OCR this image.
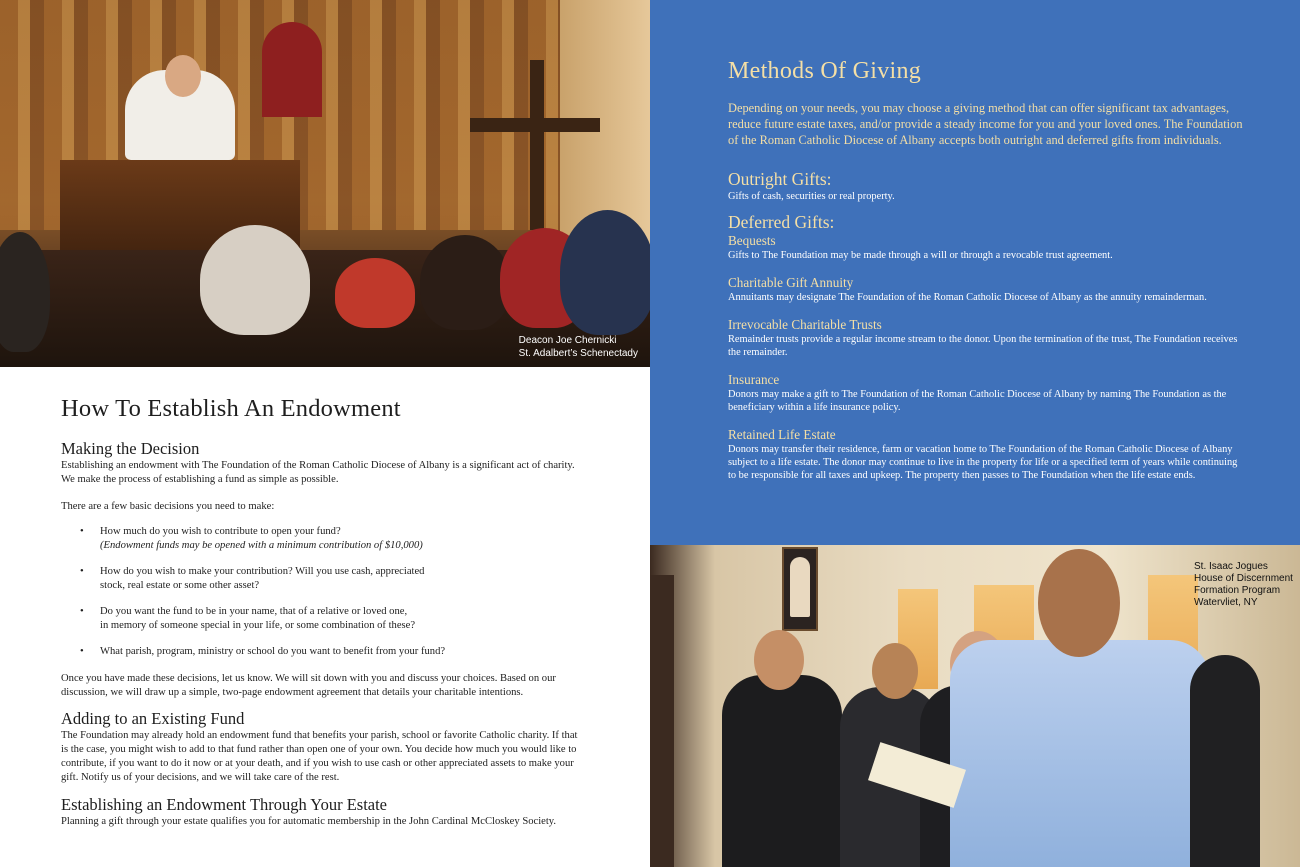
Deacon Joe Chernicki
St. Adalbert’s Schenectady
How To Establish An Endowment
Making the Decision

Establishing an endowment with The Foundation of the Roman Catholic Diocese of Albany is a significant act of charity. We make the process of establishing a fund as simple as possible.

There are a few basic decisions you need to make:

• How much do you wish to contribute to open your fund?
(Endowment funds may be opened with a minimum contribution of $10,000)
• How do you wish to make your contribution? Will you use cash, appreciated
stock, real estate or some other asset?
• Do you want the fund to be in your name, that of a relative or loved one,
in memory of someone special in your life, or some combination of these?
• What parish, program, ministry or school do you want to benefit from your fund?

Once you have made these decisions, let us know. We will sit down with you and discuss your choices. Based on our discussion, we will draw up a simple, two-page endowment agreement that details your charitable intentions.

Adding to an Existing Fund

The Foundation may already hold an endowment fund that benefits your parish, school or favorite Catholic charity. If that is the case, you might wish to add to that fund rather than open one of your own. You decide how much you would like to contribute, if you want to do it now or at your death, and if you wish to use cash or other appreciated assets to make your gift. Notify us of your decisions, and we will take care of the rest.

Establishing an Endowment Through Your Estate

Planning a gift through your estate qualifies you for automatic membership in the John Cardinal McCloskey Society.

Methods Of Giving

Depending on your needs, you may choose a giving method that can offer significant tax advantages, reduce future estate taxes, and/or provide a steady income for you and your loved ones. The Foundation of the Roman Catholic Diocese of Albany accepts both outright and deferred gifts from individuals.

Outright Gifts:

Gifts of cash, securities or real property.

Deferred Gifts:
Bequests

Gifts to The Foundation may be made through a will or through a revocable trust agreement.

Charitable Gift Annuity

Annuitants may designate The Foundation of the Roman Catholic Diocese of Albany as the annuity remainderman.

Irrevocable Charitable Trusts

Remainder trusts provide a regular income stream to the donor. Upon the termination of the trust, The Foundation receives the remainder.

Insurance

Donors may make a gift to The Foundation of the Roman Catholic Diocese of Albany by naming The Foundation as the beneficiary within a life insurance policy.

Retained Life Estate

Donors may transfer their residence, farm or vacation home to The Foundation of the Roman Catholic Diocese of Albany subject to a life estate. The donor may continue to live in the property for life or a specified term of years while continuing to be responsible for all taxes and upkeep. The property then passes to The Foundation when the life estate ends.

St. Isaac Jogues
House of Discernment
Formation Program
Watervliet, NY
